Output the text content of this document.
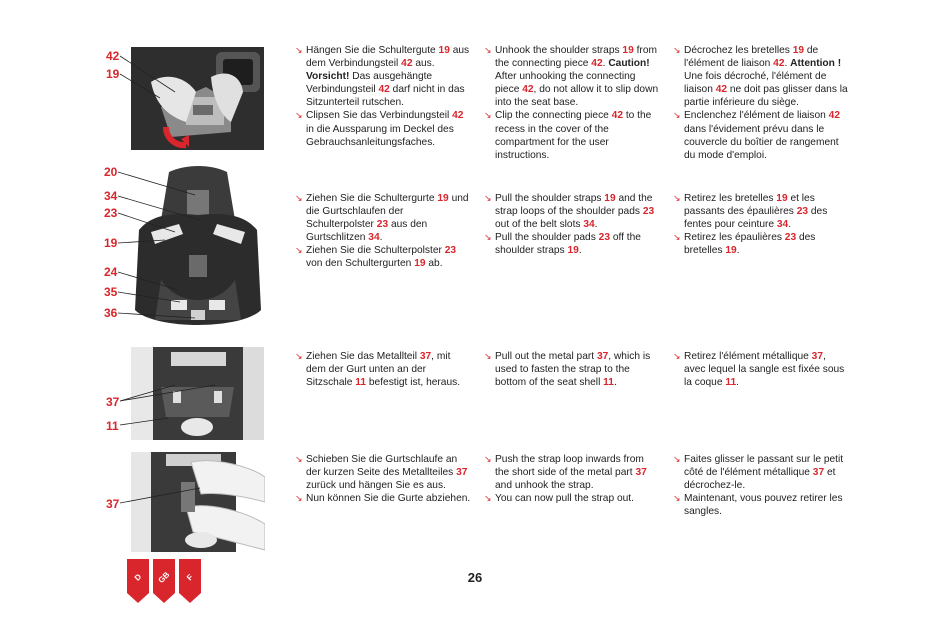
42
19
20
34
23
19
24
35
36
37
11
37

↘ Hängen Sie die Schultergute 19 aus dem Verbindungsteil 42 aus. Vorsicht! Das ausgehängte Verbindungsteil 42 darf nicht in das Sitzunterteil rutschen.

↘ Clipsen Sie das Verbindungsteil 42 in die Aussparung im Deckel des Gebrauchsanleitungsfaches.

↘ Unhook the shoulder straps 19 from the connecting piece 42. Caution! After unhooking the connecting piece 42, do not allow it to slip down into the seat base.

↘ Clip the connecting piece 42 to the recess in the cover of the compartment for the user instructions.

↘ Décrochez les bretelles 19 de l'élément de liaison 42. Attention ! Une fois décroché, l'élément de liaison 42 ne doit pas glisser dans la partie inférieure du siège.

↘ Enclenchez l'élément de liaison 42 dans l'évidement prévu dans le couvercle du boîtier de rangement du mode d'emploi.

↘ Ziehen Sie die Schultergurte 19 und die Gurtschlaufen der Schulterpolster 23 aus den Gurtschlitzen 34.

↘ Ziehen Sie die Schulterpolster 23 von den Schultergurten 19 ab.

↘ Pull the shoulder straps 19 and the strap loops of the shoulder pads 23 out of the belt slots 34.

↘ Pull the shoulder pads 23 off the shoulder straps 19.

↘ Retirez les bretelles 19 et les passants des épaulières 23 des fentes pour ceinture 34.

↘ Retirez les épaulières 23 des bretelles 19.

↘ Ziehen Sie das Metallteil 37, mit dem der Gurt unten an der Sitzschale 11 befestigt ist, heraus.

↘ Pull out the metal part 37, which is used to fasten the strap to the bottom of the seat shell 11.

↘ Retirez l'élément métallique 37, avec lequel la sangle est fixée sous la coque 11.

↘ Schieben Sie die Gurtschlaufe an der kurzen Seite des Metallteiles 37 zurück und hängen Sie es aus.

↘ Nun können Sie die Gurte abziehen.

↘ Push the strap loop inwards from the short side of the metal part 37 and unhook the strap.

↘ You can now pull the strap out.

↘ Faites glisser le passant sur le petit côté de l'élément métallique 37 et décrochez-le.

↘ Maintenant, vous pouvez retirer les sangles.

D	GB	F	26
